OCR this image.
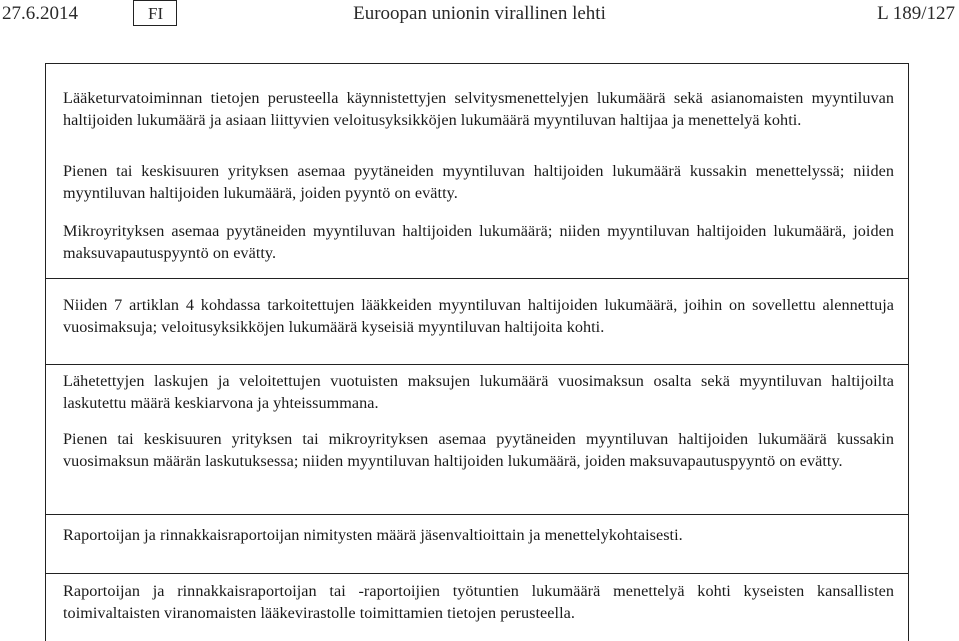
27.6.2014	FI	Euroopan unionin virallinen lehti	L 189/127
Lääketurvatoiminnan tietojen perusteella käynnistettyjen selvitysmenettelyjen lukumäärä sekä asianomaisten myyntiluvan haltijoiden lukumäärä ja asiaan liittyvien veloitusyksikköjen lukumäärä myyntiluvan haltijaa ja menettelyä kohti.
Pienen tai keskisuuren yrityksen asemaa pyytäneiden myyntiluvan haltijoiden lukumäärä kussakin menettelyssä; niiden myyntiluvan haltijoiden lukumäärä, joiden pyyntö on evätty.
Mikroyrityksen asemaa pyytäneiden myyntiluvan haltijoiden lukumäärä; niiden myyntiluvan haltijoiden lukumäärä, joiden maksuvapautuspyyntö on evätty.
Niiden 7 artiklan 4 kohdassa tarkoitettujen lääkkeiden myyntiluvan haltijoiden lukumäärä, joihin on sovellettu alennettuja vuosimaksuja; veloitusyksikköjen lukumäärä kyseisiä myyntiluvan haltijoita kohti.
Lähetettyjen laskujen ja veloitettujen vuotuisten maksujen lukumäärä vuosimaksun osalta sekä myyntiluvan haltijoilta laskutettu määrä keskiarvona ja yhteissummana.
Pienen tai keskisuuren yrityksen tai mikroyrityksen asemaa pyytäneiden myyntiluvan haltijoiden lukumäärä kussakin vuosimaksun määrän laskutuksessa; niiden myyntiluvan haltijoiden lukumäärä, joiden maksuvapautuspyyntö on evätty.
Raportoijan ja rinnakkaisraportoijan nimitysten määrä jäsenvaltioittain ja menettelykohtaisesti.
Raportoijan ja rinnakkaisraportoijan tai -raportoijien työtuntien lukumäärä menettelyä kohti kyseisten kansallisten toimivaltaisten viranomaisten lääkevirastolle toimittamien tietojen perusteella.
